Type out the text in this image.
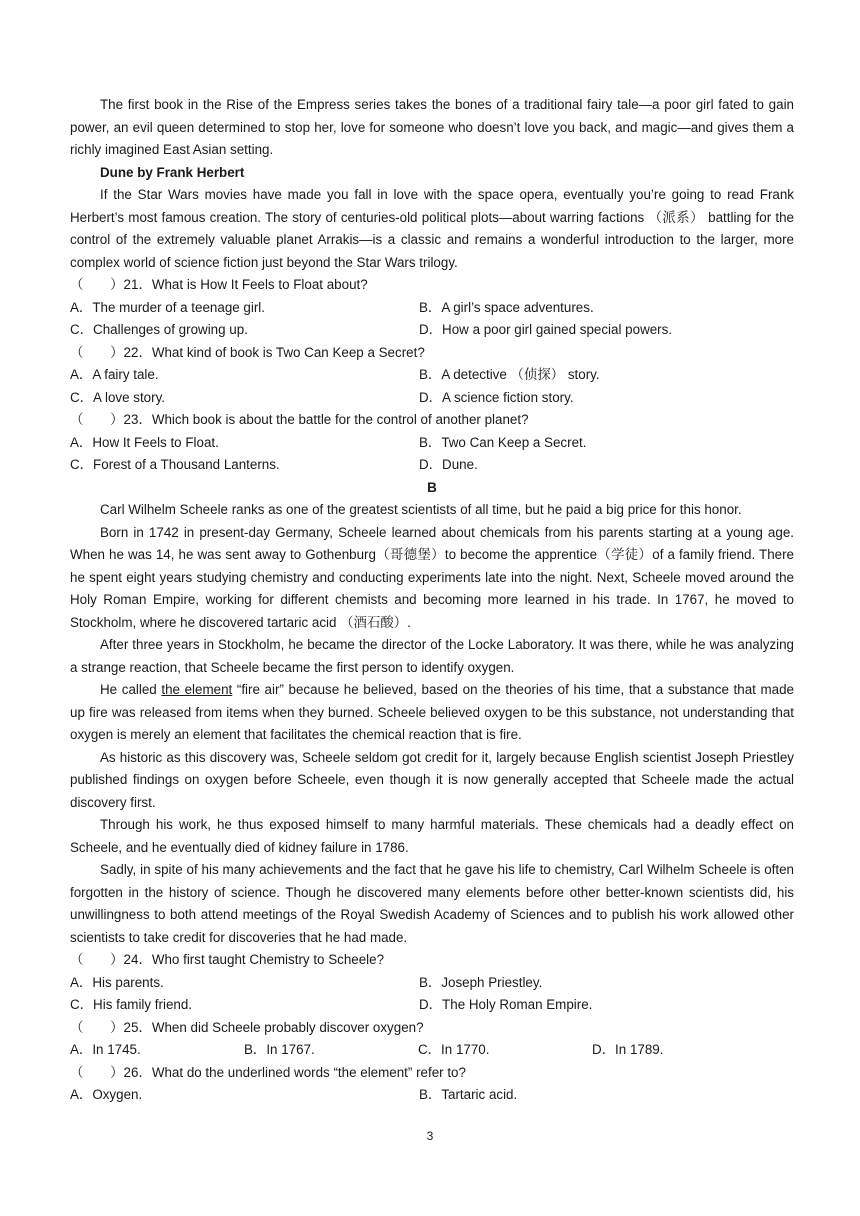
The first book in the Rise of the Empress series takes the bones of a traditional fairy tale—a poor girl fated to gain power, an evil queen determined to stop her, love for someone who doesn’t love you back, and magic—and gives them a richly imagined East Asian setting.

Dune by Frank Herbert

If the Star Wars movies have made you fall in love with the space opera, eventually you’re going to read Frank Herbert’s most famous creation. The story of centuries-old political plots—about warring factions （派系） battling for the control of the extremely valuable planet Arrakis—is a classic and remains a wonderful introduction to the larger, more complex world of science fiction just beyond the Star Wars trilogy.

（　　）21．What is How It Feels to Float about?

A．The murder of a teenage girl.	B．A girl’s space adventures.
C．Challenges of growing up.	D．How a poor girl gained special powers.

（　　）22．What kind of book is Two Can Keep a Secret?

A．A fairy tale.	B．A detective （侦探） story.
C．A love story.	D．A science fiction story.

（　　）23．Which book is about the battle for the control of another planet?

A．How It Feels to Float.	B．Two Can Keep a Secret.
C．Forest of a Thousand Lanterns.	D．Dune.

B

Carl Wilhelm Scheele ranks as one of the greatest scientists of all time, but he paid a big price for this honor.

Born in 1742 in present-day Germany, Scheele learned about chemicals from his parents starting at a young age. When he was 14, he was sent away to Gothenburg（哥德堡）to become the apprentice（学徒）of a family friend. There he spent eight years studying chemistry and conducting experiments late into the night. Next, Scheele moved around the Holy Roman Empire, working for different chemists and becoming more learned in his trade. In 1767, he moved to Stockholm, where he discovered tartaric acid （酒石酸）.

After three years in Stockholm, he became the director of the Locke Laboratory. It was there, while he was analyzing a strange reaction, that Scheele became the first person to identify oxygen.

He called the element “fire air” because he believed, based on the theories of his time, that a substance that made up fire was released from items when they burned. Scheele believed oxygen to be this substance, not understanding that oxygen is merely an element that facilitates the chemical reaction that is fire.

As historic as this discovery was, Scheele seldom got credit for it, largely because English scientist Joseph Priestley published findings on oxygen before Scheele, even though it is now generally accepted that Scheele made the actual discovery first.

Through his work, he thus exposed himself to many harmful materials. These chemicals had a deadly effect on Scheele, and he eventually died of kidney failure in 1786.

Sadly, in spite of his many achievements and the fact that he gave his life to chemistry, Carl Wilhelm Scheele is often forgotten in the history of science. Though he discovered many elements before other better-known scientists did, his unwillingness to both attend meetings of the Royal Swedish Academy of Sciences and to publish his work allowed other scientists to take credit for discoveries that he had made.

（　　）24．Who first taught Chemistry to Scheele?

A．His parents.	B．Joseph Priestley.
C．His family friend.	D．The Holy Roman Empire.

（　　）25．When did Scheele probably discover oxygen?

A．In 1745.	B．In 1767.	C．In 1770.	D．In 1789.

（　　）26．What do the underlined words “the element” refer to?

A．Oxygen.	B．Tartaric acid.
3
